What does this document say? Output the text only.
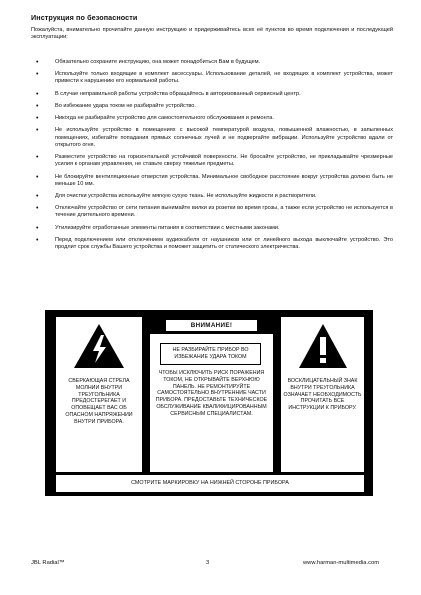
Инструкция по безопасности
Пожалуйста, внимательно прочитайте данную инструкцию и придерживайтесь всех её пунктов во время подключения и последующей эксплуатации:
•	Обязательно сохраните инструкцию, она может понадобиться Вам в будущем.
•	Используйте только входящие в комплект аксессуары. Использование деталей, не входящих в комплект устройства, может привести к нарушению его нормальной работы.
•	В случае неправильной работы устройства обращайтесь в авторизованный сервисный центр.
•	Во избежание удара током не разбирайте устройство.
•	Никогда не разбирайте устройство для самостоятельного обслуживания и ремонта.
•	Не используйте устройство в помещениях с высокой температурой воздуха, повышенной влажностью, в запыленных помещениях, избегайте попадания прямых солнечных лучей и не подвергайте вибрации. Используйте устройство вдали от открытого огня.
•	Разместите устройство на горизонтальной устойчивой поверхности. Не бросайте устройство, не прикладывайте чрезмерные усилия к органам управления, не ставьте сверху тяжелые предметы.
•	Не блокируйте вентиляционные отверстия устройства. Минимальное свободное расстояние вокруг устройства должно быть не меньше 10 мм.
•	Для очистки устройства используйте мягкую сухую ткань. Не используйте жидкости и растворители.
•	Отключайте устройство от сети питания вынимайте вилки из розетки во время грозы, а также если устройство не используется в течение длительного времени.
•	Утилизируйте отработанные элементы питания в соответствии с местными законами.
•	Перед подключением или отключением аудиокабеля от наушников или от линейного выхода выключайте устройство. Это продлит срок службы Вашего устройства и поможет защитить от статического электричества.
СВЕРКАЮЩАЯ СТРЕЛА МОЛНИИ ВНУТРИ ТРЕУГОЛЬНИКА ПРЕДОСТЕРЕГАЕТ И ОПОВЕЩАЕТ ВАС ОБ ОПАСНОМ НАПРЯЖЕНИИ ВНУТРИ ПРИБОРА.
ВНИМАНИЕ!
НЕ РАЗБИРАЙТЕ ПРИБОР ВО ИЗБЕЖАНИЕ УДАРА ТОКОМ
ЧТОБЫ ИСКЛЮЧИТЬ РИСК ПОРАЖЕНИЯ ТОКОМ, НЕ ОТКРЫВАЙТЕ ВЕРХНЮЮ ПАНЕЛЬ. НЕ РЕМОНТИРУЙТЕ САМОСТОЯТЕЛЬНО ВНУТРЕННИЕ ЧАСТИ ПРИБОРА. ПРЕДОСТАВЬТЕ ТЕХНИЧЕСКОЕ ОБСЛУЖИВАНИЕ КВАЛИФИЦИРОВАННЫМ СЕРВИСНЫМ СПЕЦИАЛИСТАМ.
ВОСКЛИЦАТЕЛЬНЫЙ ЗНАК ВНУТРИ ТРЕУГОЛЬНИКА ОЗНАЧАЕТ НЕОБХОДИМОСТЬ ПРОЧИТАТЬ ВСЕ ИНСТРУКЦИИ К ПРИБОРУ.
СМОТРИТЕ МАРКИРОВКУ НА НИЖНЕЙ СТОРОНЕ ПРИБОРА
JBL Radial™	3	www.harman-multimedia.com
